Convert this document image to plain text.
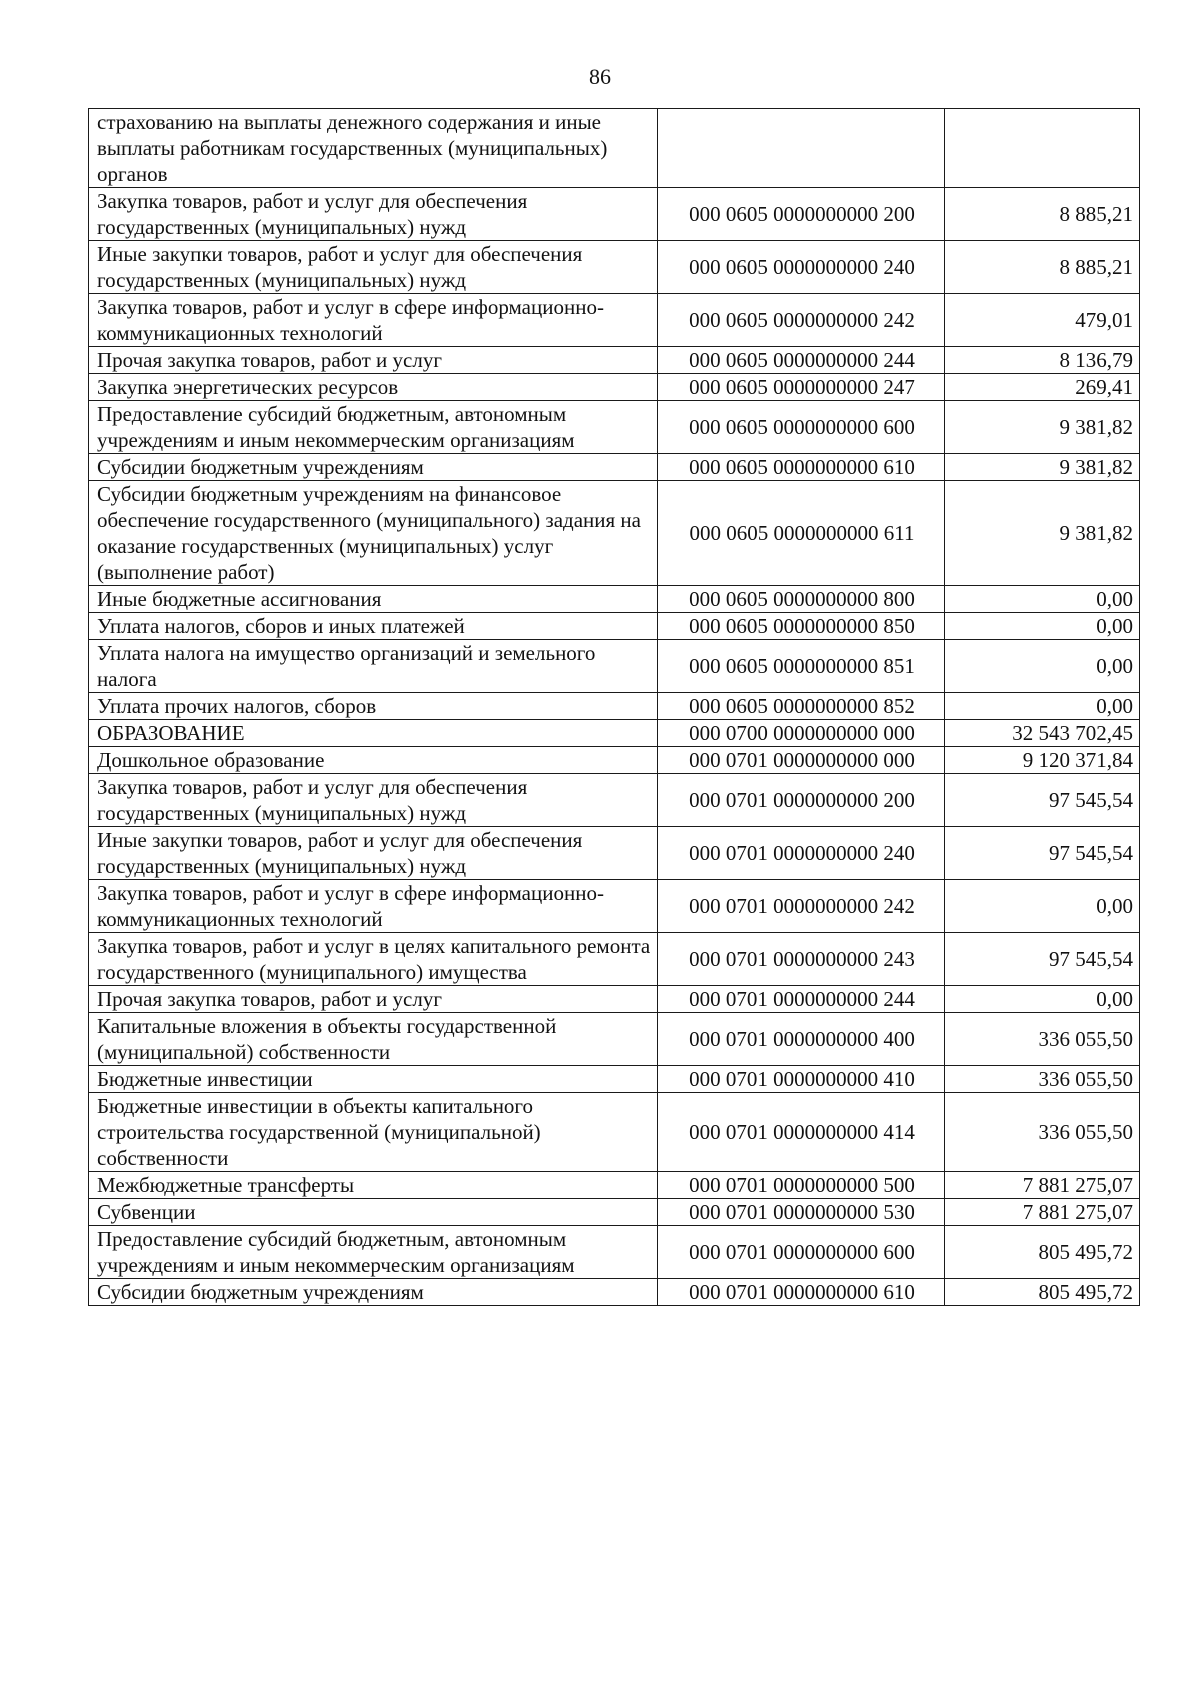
86
страхованию на выплаты денежного содержания и иные выплаты работникам государственных (муниципальных) органов		
Закупка товаров, работ и услуг для обеспечения государственных (муниципальных) нужд	000 0605 0000000000 200	8 885,21
Иные закупки товаров, работ и услуг для обеспечения государственных (муниципальных) нужд	000 0605 0000000000 240	8 885,21
Закупка товаров, работ и услуг в сфере информационно-коммуникационных технологий	000 0605 0000000000 242	479,01
Прочая закупка товаров, работ и услуг	000 0605 0000000000 244	8 136,79
Закупка энергетических ресурсов	000 0605 0000000000 247	269,41
Предоставление субсидий бюджетным, автономным учреждениям и иным некоммерческим организациям	000 0605 0000000000 600	9 381,82
Субсидии бюджетным учреждениям	000 0605 0000000000 610	9 381,82
Субсидии бюджетным учреждениям на финансовое обеспечение государственного (муниципального) задания на оказание государственных (муниципальных) услуг (выполнение работ)	000 0605 0000000000 611	9 381,82
Иные бюджетные ассигнования	000 0605 0000000000 800	0,00
Уплата налогов, сборов и иных платежей	000 0605 0000000000 850	0,00
Уплата налога на имущество организаций и земельного налога	000 0605 0000000000 851	0,00
Уплата прочих налогов, сборов	000 0605 0000000000 852	0,00
ОБРАЗОВАНИЕ	000 0700 0000000000 000	32 543 702,45
Дошкольное образование	000 0701 0000000000 000	9 120 371,84
Закупка товаров, работ и услуг для обеспечения государственных (муниципальных) нужд	000 0701 0000000000 200	97 545,54
Иные закупки товаров, работ и услуг для обеспечения государственных (муниципальных) нужд	000 0701 0000000000 240	97 545,54
Закупка товаров, работ и услуг в сфере информационно-коммуникационных технологий	000 0701 0000000000 242	0,00
Закупка товаров, работ и услуг в целях капитального ремонта государственного (муниципального) имущества	000 0701 0000000000 243	97 545,54
Прочая закупка товаров, работ и услуг	000 0701 0000000000 244	0,00
Капитальные вложения в объекты государственной (муниципальной) собственности	000 0701 0000000000 400	336 055,50
Бюджетные инвестиции	000 0701 0000000000 410	336 055,50
Бюджетные инвестиции в объекты капитального строительства государственной (муниципальной) собственности	000 0701 0000000000 414	336 055,50
Межбюджетные трансферты	000 0701 0000000000 500	7 881 275,07
Субвенции	000 0701 0000000000 530	7 881 275,07
Предоставление субсидий бюджетным, автономным учреждениям и иным некоммерческим организациям	000 0701 0000000000 600	805 495,72
Субсидии бюджетным учреждениям	000 0701 0000000000 610	805 495,72
